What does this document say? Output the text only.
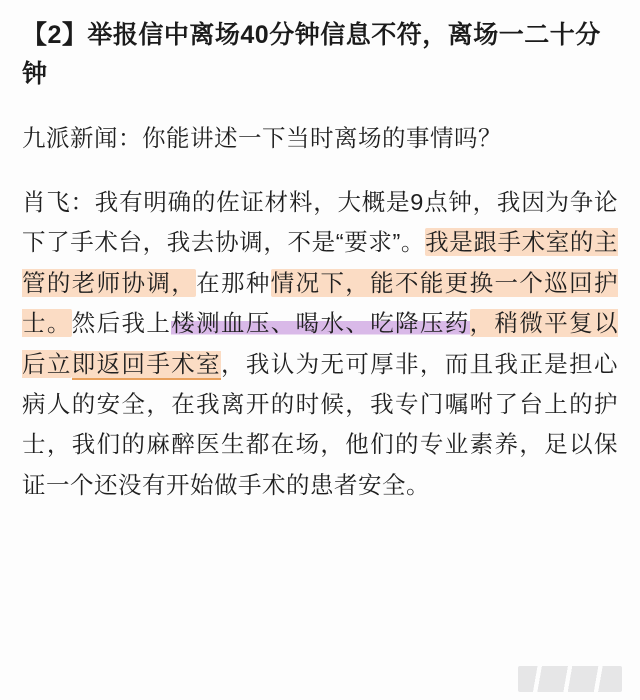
【2】举报信中离场40分钟信息不符，离场一二十分钟

九派新闻：你能讲述一下当时离场的事情吗？

肖飞：我有明确的佐证材料，大概是9点钟，我因为争论下了手术台，我去协调，不是“要求”。我是跟手术室的主管的老师协调，在那种情况下，能不能更换一个巡回护士。然后我上楼测血压、喝水、吃降压药，稍微平复以后立即返回手术室，我认为无可厚非，而且我正是担心病人的安全，在我离开的时候，我专门嘱咐了台上的护士，我们的麻醉医生都在场，他们的专业素养，足以保证一个还没有开始做手术的患者安全。
